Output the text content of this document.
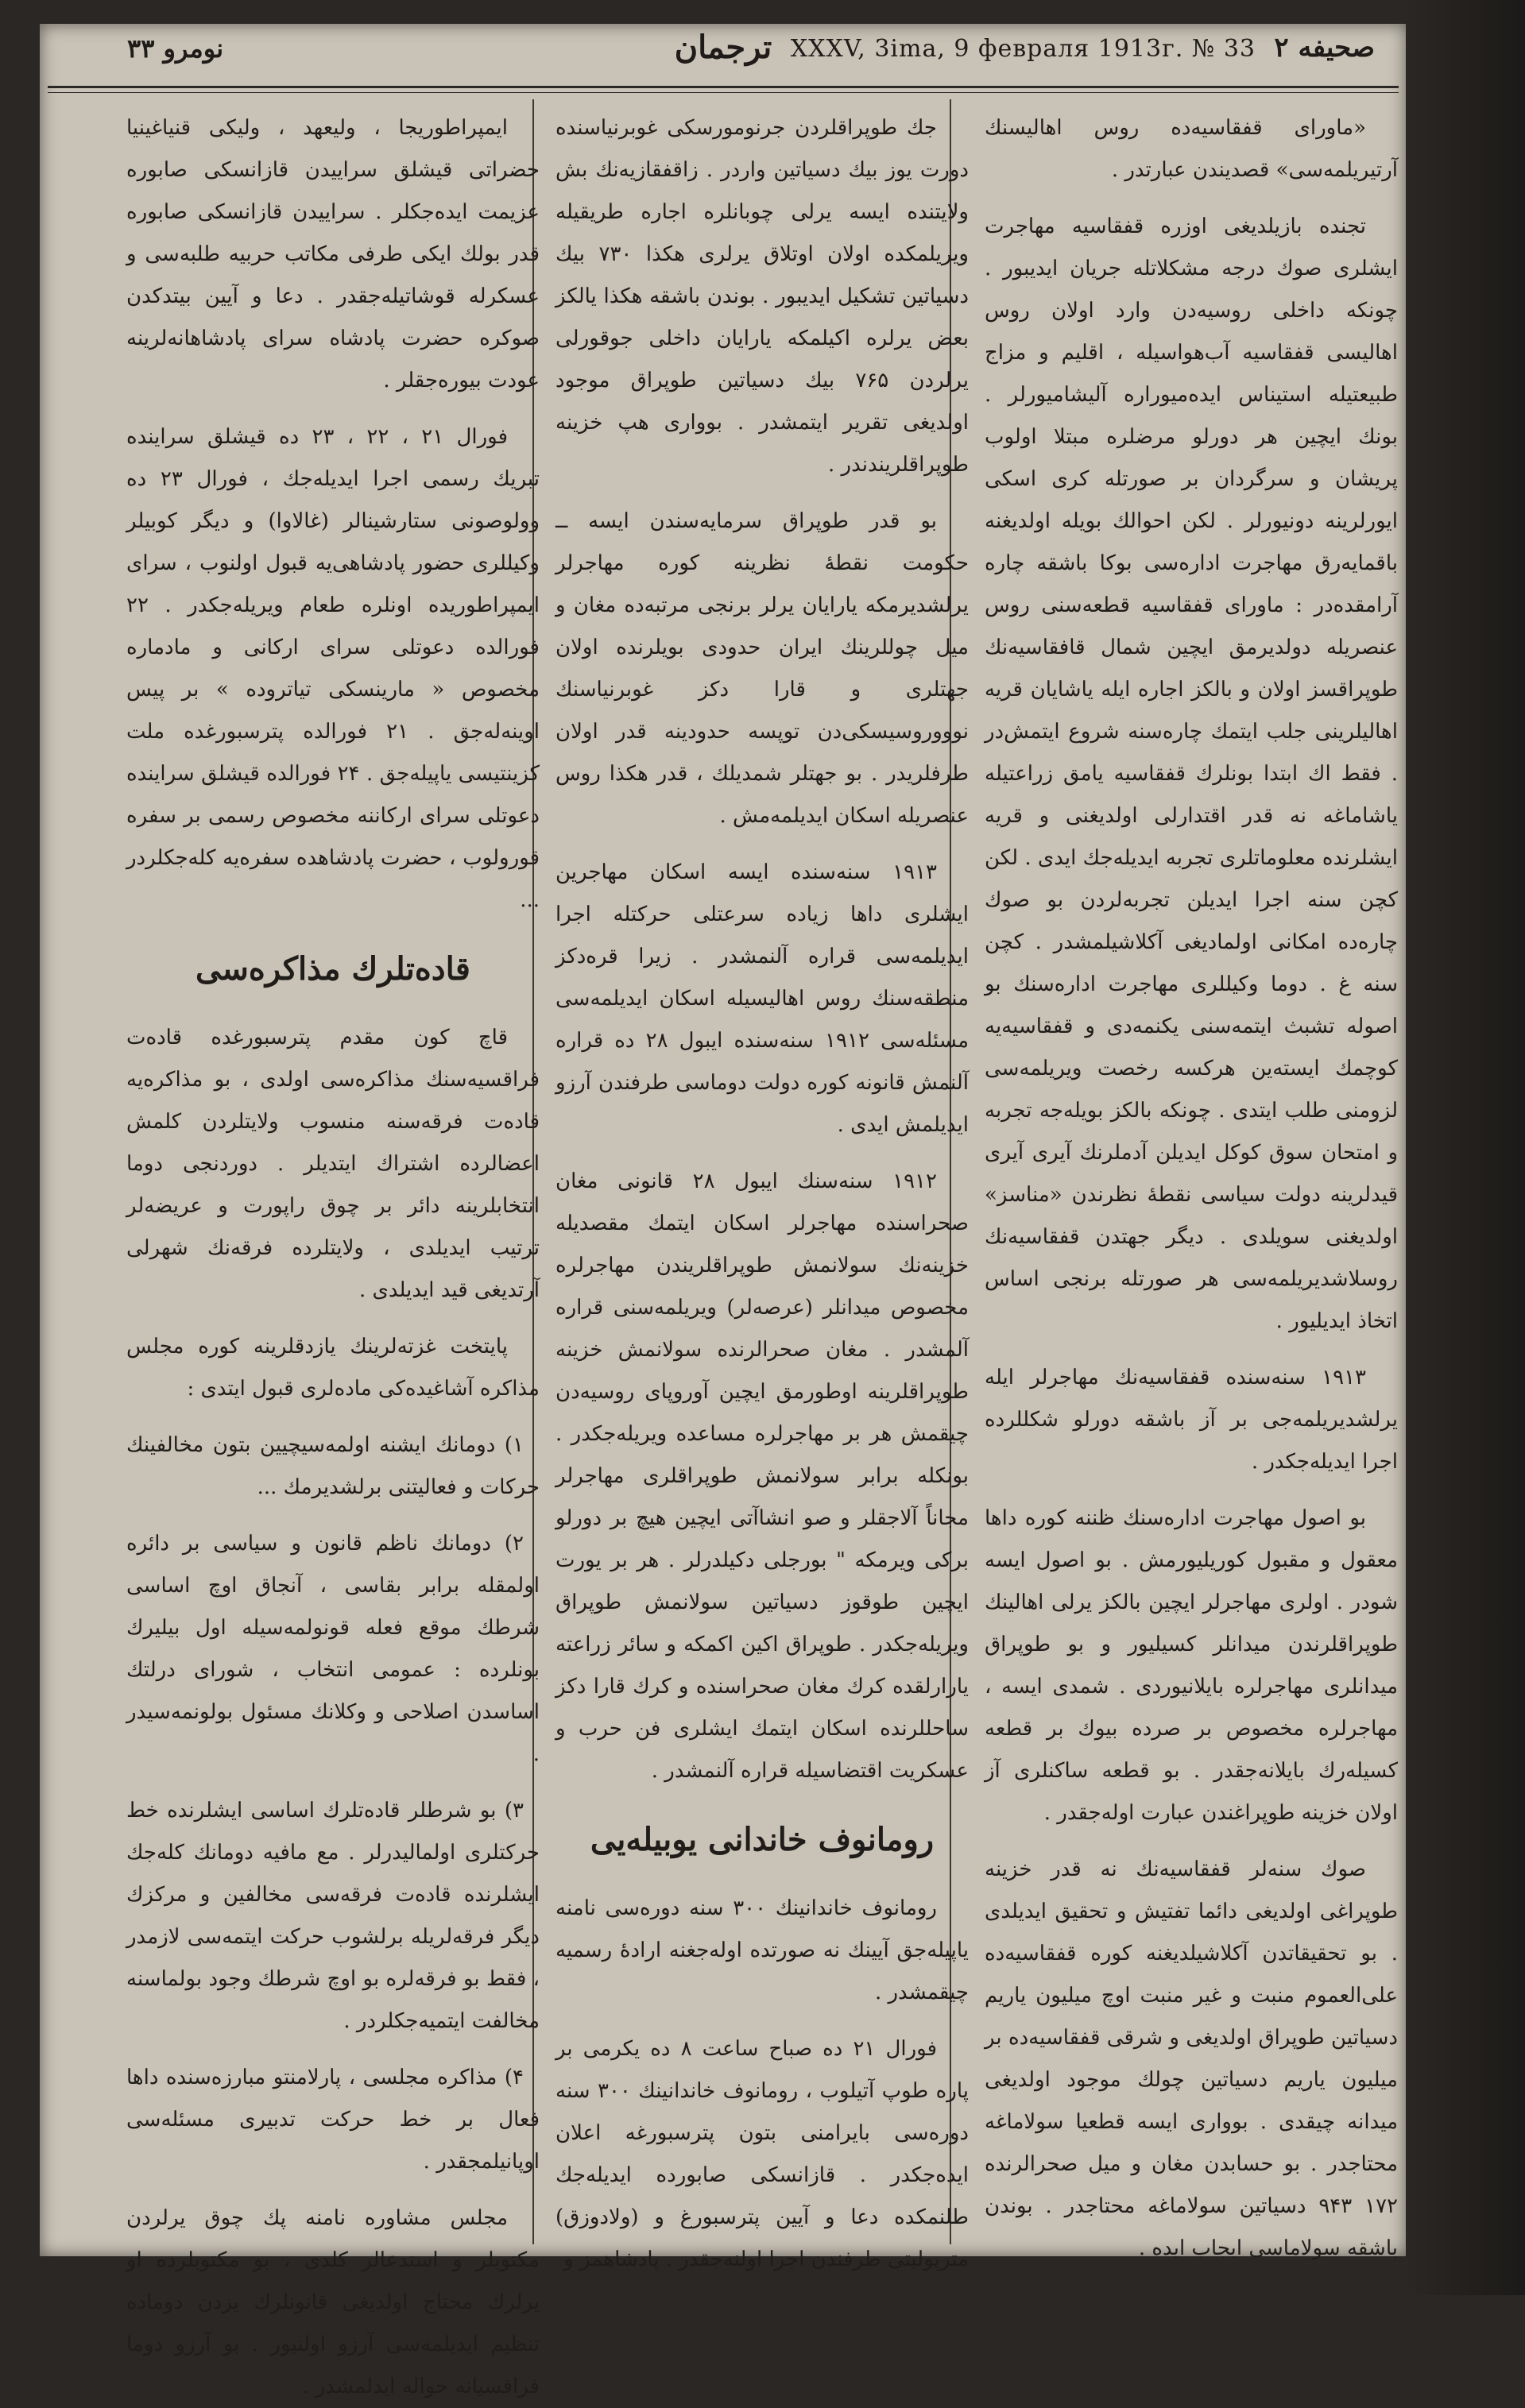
صحیفه ۲
XXXV, 3ima, 9 февраля 1913г. № 33
ترجمان
نومرو ۳۳

«ماورای قفقاسیه‌ده روس اهالیسنك آرتیریلمه‌سی» قصدیندن عبارتدر .

تجنده بازیلدیغی اوزره قفقاسیه مهاجرت ایشلری صوك درجه مشكلاتله جریان ایدیبور . چونكه داخلی روسیه‌دن وارد اولان روس اهالیسی قفقاسیه آب‌هواسیله ، اقلیم و مزاج طبیعتیله استیناس ایده‌میوراره آلیشامیورلر . بونك ایچین هر دورلو مرضلره مبتلا اولوب پریشان و سرگردان بر صورتله كری اسكی ایورلرینه دونیورلر . لكن احوالك بویله اولدیغنه باقمایه‌رق مهاجرت اداره‌سی بوكا باشقه چاره آرامقده‌در : ماورای قفقاسیه قطعه‌سنی روس عنصریله دولدیرمق ایچین شمال قافقاسیه‌نك طوپراقسز اولان و بالكز اجاره ایله یاشایان قریه اهالیلرینی جلب ایتمك چاره‌سنه شروع ایتمش‌در . فقط اك ابتدا بونلرك قفقاسیه یامق زراعتیله یاشاماغه نه قدر اقتدارلی اولدیغنی و قریه ایشلرنده معلوماتلری تجربه ایدیله‌جك ایدی . لكن كچن سنه اجرا ایدیلن تجربه‌لردن بو صوك چاره‌ده امكانی اولمادیغی آكلاشیلمشدر . كچن سنه غ . دوما وكیللری مهاجرت اداره‌سنك بو اصوله تشبث ایتمه‌سنی یكنمه‌دی و قفقاسیه‌یه كوچمك ایسته‌ین هركسه رخصت ویریلمه‌سی لزومنی طلب ایتدی . چونكه بالكز بویله‌جه تجربه و امتحان سوق كوكل ایدیلن آدملرنك آیری آیری قیدلرینه دولت سیاسی نقطهٔ نظرندن «مناسز» اولدیغنی سویلدی . دیگر جهتدن قفقاسیه‌نك روسلاشدیریلمه‌سی هر صورتله برنجی اساس اتخاذ ایدیلیور .

۱۹۱۳ سنه‌سنده قفقاسیه‌نك مهاجرلر ایله یرلشدیریلمه‌جی بر آز باشقه دورلو شكللرده اجرا ایدیله‌جكدر .

بو اصول مهاجرت اداره‌سنك ظننه كوره داها معقول و مقبول كوریلیورمش . بو اصول ایسه شودر . اولری مهاجرلر ایچین بالكز یرلی اهالینك طوپراقلرندن میدانلر كسیلیور و بو طوپراق میدانلری مهاجرلره بایلانیوردی . شمدی ایسه ، مهاجرلره مخصوص بر صرده بیوك بر قطعه كسیله‌رك بایلانه‌جقدر . بو قطعه ساكنلری آز اولان خزینه طوپراغندن عبارت اوله‌جقدر .

صوك سنه‌لر قفقاسیه‌نك نه قدر خزینه طوپراغی اولدیغی دائما تفتیش و تحقیق ایدیلدی . بو تحقیقاتدن آكلاشیلدیغنه كوره قفقاسیه‌ده علی‌العموم منبت و غیر منبت اوچ میلیون یاریم دسیاتین طوپراق اولدیغی و شرقی قفقاسیه‌ده بر میلیون یاریم دسیاتین چولك موجود اولدیغی میدانه چیقدی . بوواری ایسه قطعیا سولاماغه محتاجدر . بو حسابدن مغان و میل صحرالرنده ۱۷۲ ۹۴۳ دسیاتین سولاماغه محتاجدر . بوندن باشقه سولاماسی ایجاب ایده .

جك طوپراقلردن جرنومورسكی غوبرنیاسنده دورت یوز بیك دسیاتین واردر . زاقفقازیه‌نك بش ولایتنده ایسه یرلی چوبانلره اجاره طریقیله ویریلمكده اولان اوتلاق یرلری هكذا ۷۳۰ بیك دسیاتین تشكیل ایدیبور . بوندن باشقه هكذا یالكز بعض یرلره اكیلمكه یارایان داخلی جوقورلی یرلردن ۷۶۵ بیك دسیاتین طوپراق موجود اولدیغی تقریر ایتمشدر . بوواری هپ خزینه طوپراقلریندندر .

بو قدر طوپراق سرمایه‌سندن ایسه ــ حكومت نقطهٔ نظرینه كوره مهاجرلر یرلشدیرمكه یارایان یرلر برنجی مرتبه‌ده مغان و میل چوللرینك ایران حدودی بویلرنده اولان جهتلری و قارا دكز غوبرنیاسنك نوووروسیسكی‌دن توپسه حدودینه قدر اولان طرفلریدر . بو جهتلر شمدیلك ، قدر هكذا روس عنصریله اسكان ایدیلمه‌مش .

۱۹۱۳ سنه‌سنده ایسه اسكان مهاجرین ایشلری داها زیاده سرعتلی حركتله اجرا ایدیلمه‌سی قراره آلنمشدر . زیرا قره‌دكز منطقه‌سنك روس اهالیسیله اسكان ایدیلمه‌سی مسئله‌سی ۱۹۱۲ سنه‌سنده ایبول ۲۸ ده قراره آلنمش قانونه كوره دولت دوماسی طرفندن آرزو ایدیلمش ایدی .

۱۹۱۲ سنه‌سنك ایبول ۲۸ قانونی مغان صحراسنده مهاجرلر اسكان ایتمك مقصدیله خزینه‌نك سولانمش طوپراقلریندن مهاجرلره مخصوص میدانلر (عرصه‌لر) ویریلمه‌سنی قراره آلمشدر . مغان صحرالرنده سولانمش خزینه طوپراقلرینه اوطورمق ایچین آوروپای روسیه‌دن چیقمش هر بر مهاجرلره مساعده ویریله‌جكدر . بونكله برابر سولانمش طوپراقلری مهاجرلر مجاناً آلاجقلر و صو انشاآتی ایچین هیچ بر دورلو بركی ویرمكه " بورجلی دكیلدرلر . هر بر یورت ایچین طوقوز دسیاتین سولانمش طوپراق ویریله‌جكدر . طوپراق اكین اكمكه و سائر زراعته یارارلقده كرك مغان صحراسنده و كرك قارا دكز ساحللرنده اسكان ایتمك ایشلری فن حرب و عسكریت اقتضاسیله قراره آلنمشدر .

رومانوف خاندانی یوبیله‌یی

رومانوف خاندانینك ۳۰۰ سنه دوره‌سی نامنه یاپیله‌جق آیینك نه صورتده اوله‌جغنه ارادهٔ رسمیه چیقمشدر .

فورال ۲۱ ده صباح ساعت ۸ ده یكرمی بر پاره طوپ آتیلوب ، رومانوف خاندانینك ۳۰۰ سنه دوره‌سی بایرامنی بتون پترسبورغه اعلان ایده‌جكدر . قازانسكی صابورده ایدیله‌جك طلنمكده دعا و آیین پترسبورغ و (ولادوزق) مترپولیتی طرفندن اجرا اولنه‌جقدر . پادشاهمز و

ایمپراطوریجا ، ولیعهد ، ولیكی قنیاغینیا حضراتی قیشلق سراییدن قازانسكی صابوره عزیمت ایده‌جكلر . سراییدن قازانسكی صابوره قدر بولك ایكی طرفی مكاتب حربیه طلبه‌سی و عسكرله قوشاتیله‌جقدر . دعا و آیین بیتدكدن صوكره حضرت پادشاه سرای پادشاهانه‌لرینه عودت بیوره‌جقلر .

فورال ۲۱ ، ۲۲ ، ۲۳ ده قیشلق سراینده تبریك رسمی اجرا ایدیله‌جك ، فورال ۲۳ ده وولوصونی ستارشینالر (غالاوا) و دیگر كوبیلر وكیللری حضور پادشاهی‌یه قبول اولنوب ، سرای ایمپراطوریده اونلره طعام ویریله‌جكدر . ۲۲ فورالده دعوتلی سرای اركانی و مادماره مخصوص « مارینسكی تیاتروده » بر پیس اوینه‌له‌جق . ۲۱ فورالده پترسبورغده ملت كزینتیسی یاپیله‌جق . ۲۴ فورالده قیشلق سراینده دعوتلی سرای اركاننه مخصوص رسمی بر سفره قورولوب ، حضرت پادشاهده سفره‌یه كله‌جكلردر ...

قاده‌تلرك مذاكره‌سی

قاچ كون مقدم پترسبورغده قاده‌ت فراقسیه‌سنك مذاكره‌سی اولدی ، بو مذاكره‌یه قاده‌ت فرقه‌سنه منسوب ولایتلردن كلمش اعضالرده اشتراك ایتدیلر . دوردنجی دوما انتخابلرینه دائر بر چوق راپورت و عریضه‌لر ترتیب ایدیلدی ، ولایتلرده فرقه‌نك شهرلی آرتدیغی قید ایدیلدی .

پایتخت غزته‌لرینك یازدقلرینه كوره مجلس مذاكره آشاغیده‌كی ماده‌لری قبول ایتدی :

۱) دومانك ایشنه اولمه‌سیچیین بتون مخالفینك حركات و فعالیتنی برلشدیرمك ...

۲) دومانك ناظم قانون و سیاسی بر دائره اولمقله برابر بقاسی ، آنجاق اوچ اساسی شرطك موقع فعله قونولمه‌سیله اول بیلیرك بونلرده : عمومی انتخاب ، شورای درلتك اساسدن اصلاحی و وكلانك مسئول بولونمه‌سیدر .

۳) بو شرطلر قاده‌تلرك اساسی ایشلرنده خط حركتلری اولمالیدرلر . مع مافیه دومانك كله‌جك ایشلرنده قاده‌ت فرقه‌سی مخالفین و مركزك دیگر فرقه‌لریله برلشوب حركت ایتمه‌سی لازمدر ، فقط بو فرقه‌لره بو اوچ شرطك وجود بولماسنه مخالفت ایتمیه‌جكلردر .

۴) مذاكره مجلسی ، پارلامنتو مبارزه‌سنده داها فعال بر خط حركت تدبیری مسئله‌سی اوپانیلمجقدر .

مجلس مشاوره نامنه پك چوق یرلردن مكتوبلر و استدعالر كلدی ، بو مكتوبلرده او یرلرك محتاج اولدیغی قانونلرك یزدن دوماده تنظیم ایدیلمه‌سی آرزو اولنیور . بو آرزو دوما فراقسیانه حواله ایدلمشدر .
